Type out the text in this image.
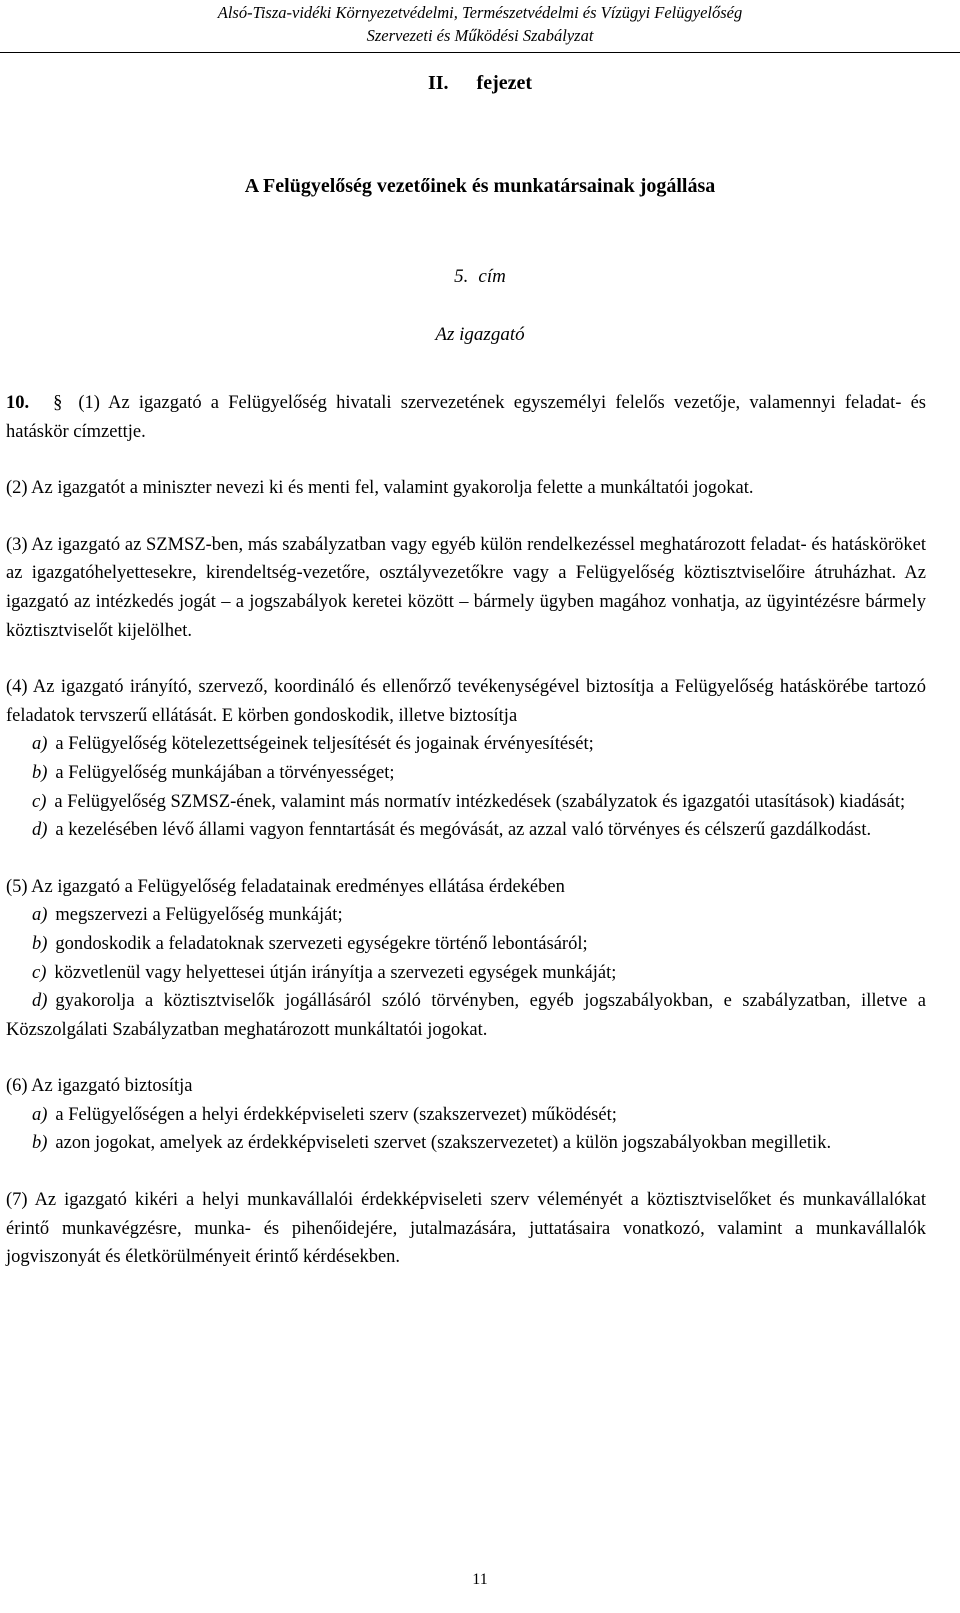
Alsó-Tisza-vidéki Környezetvédelmi, Természetvédelmi és Vízügyi Felügyelőség
Szervezeti és Működési Szabályzat
II. fejezet
A Felügyelőség vezetőinek és munkatársainak jogállása
5. cím
Az igazgató
10. § (1) Az igazgató a Felügyelőség hivatali szervezetének egyszemélyi felelős vezetője, valamennyi feladat- és hatáskör címzettje.
(2) Az igazgatót a miniszter nevezi ki és menti fel, valamint gyakorolja felette a munkáltatói jogokat.
(3) Az igazgató az SZMSZ-ben, más szabályzatban vagy egyéb külön rendelkezéssel meghatározott feladat- és hatásköröket az igazgatóhelyettesekre, kirendeltség-vezetőre, osztályvezetőkre vagy a Felügyelőség köztisztviselőire átruházhat. Az igazgató az intézkedés jogát – a jogszabályok keretei között – bármely ügyben magához vonhatja, az ügyintézésre bármely köztisztviselőt kijelölhet.
(4) Az igazgató irányító, szervező, koordináló és ellenőrző tevékenységével biztosítja a Felügyelőség hatáskörébe tartozó feladatok tervszerű ellátását. E körben gondoskodik, illetve biztosítja
a) a Felügyelőség kötelezettségeinek teljesítését és jogainak érvényesítését;
b) a Felügyelőség munkájában a törvényességet;
c) a Felügyelőség SZMSZ-ének, valamint más normatív intézkedések (szabályzatok és igazgatói utasítások) kiadását;
d) a kezelésében lévő állami vagyon fenntartását és megóvását, az azzal való törvényes és célszerű gazdálkodást.
(5) Az igazgató a Felügyelőség feladatainak eredményes ellátása érdekében
a) megszervezi a Felügyelőség munkáját;
b) gondoskodik a feladatoknak szervezeti egységekre történő lebontásáról;
c) közvetlenül vagy helyettesei útján irányítja a szervezeti egységek munkáját;
d) gyakorolja a köztisztviselők jogállásáról szóló törvényben, egyéb jogszabályokban, e szabályzatban, illetve a Közszolgálati Szabályzatban meghatározott munkáltatói jogokat.
(6) Az igazgató biztosítja
a) a Felügyelőségen a helyi érdekképviseleti szerv (szakszervezet) működését;
b) azon jogokat, amelyek az érdekképviseleti szervet (szakszervezetet) a külön jogszabályokban megilletik.
(7) Az igazgató kikéri a helyi munkavállalói érdekképviseleti szerv véleményét a köztisztviselőket és munkavállalókat érintő munkavégzésre, munka- és pihenőidejére, jutalmazására, juttatásaira vonatkozó, valamint a munkavállalók jogviszonyát és életkörülményeit érintő kérdésekben.
11
